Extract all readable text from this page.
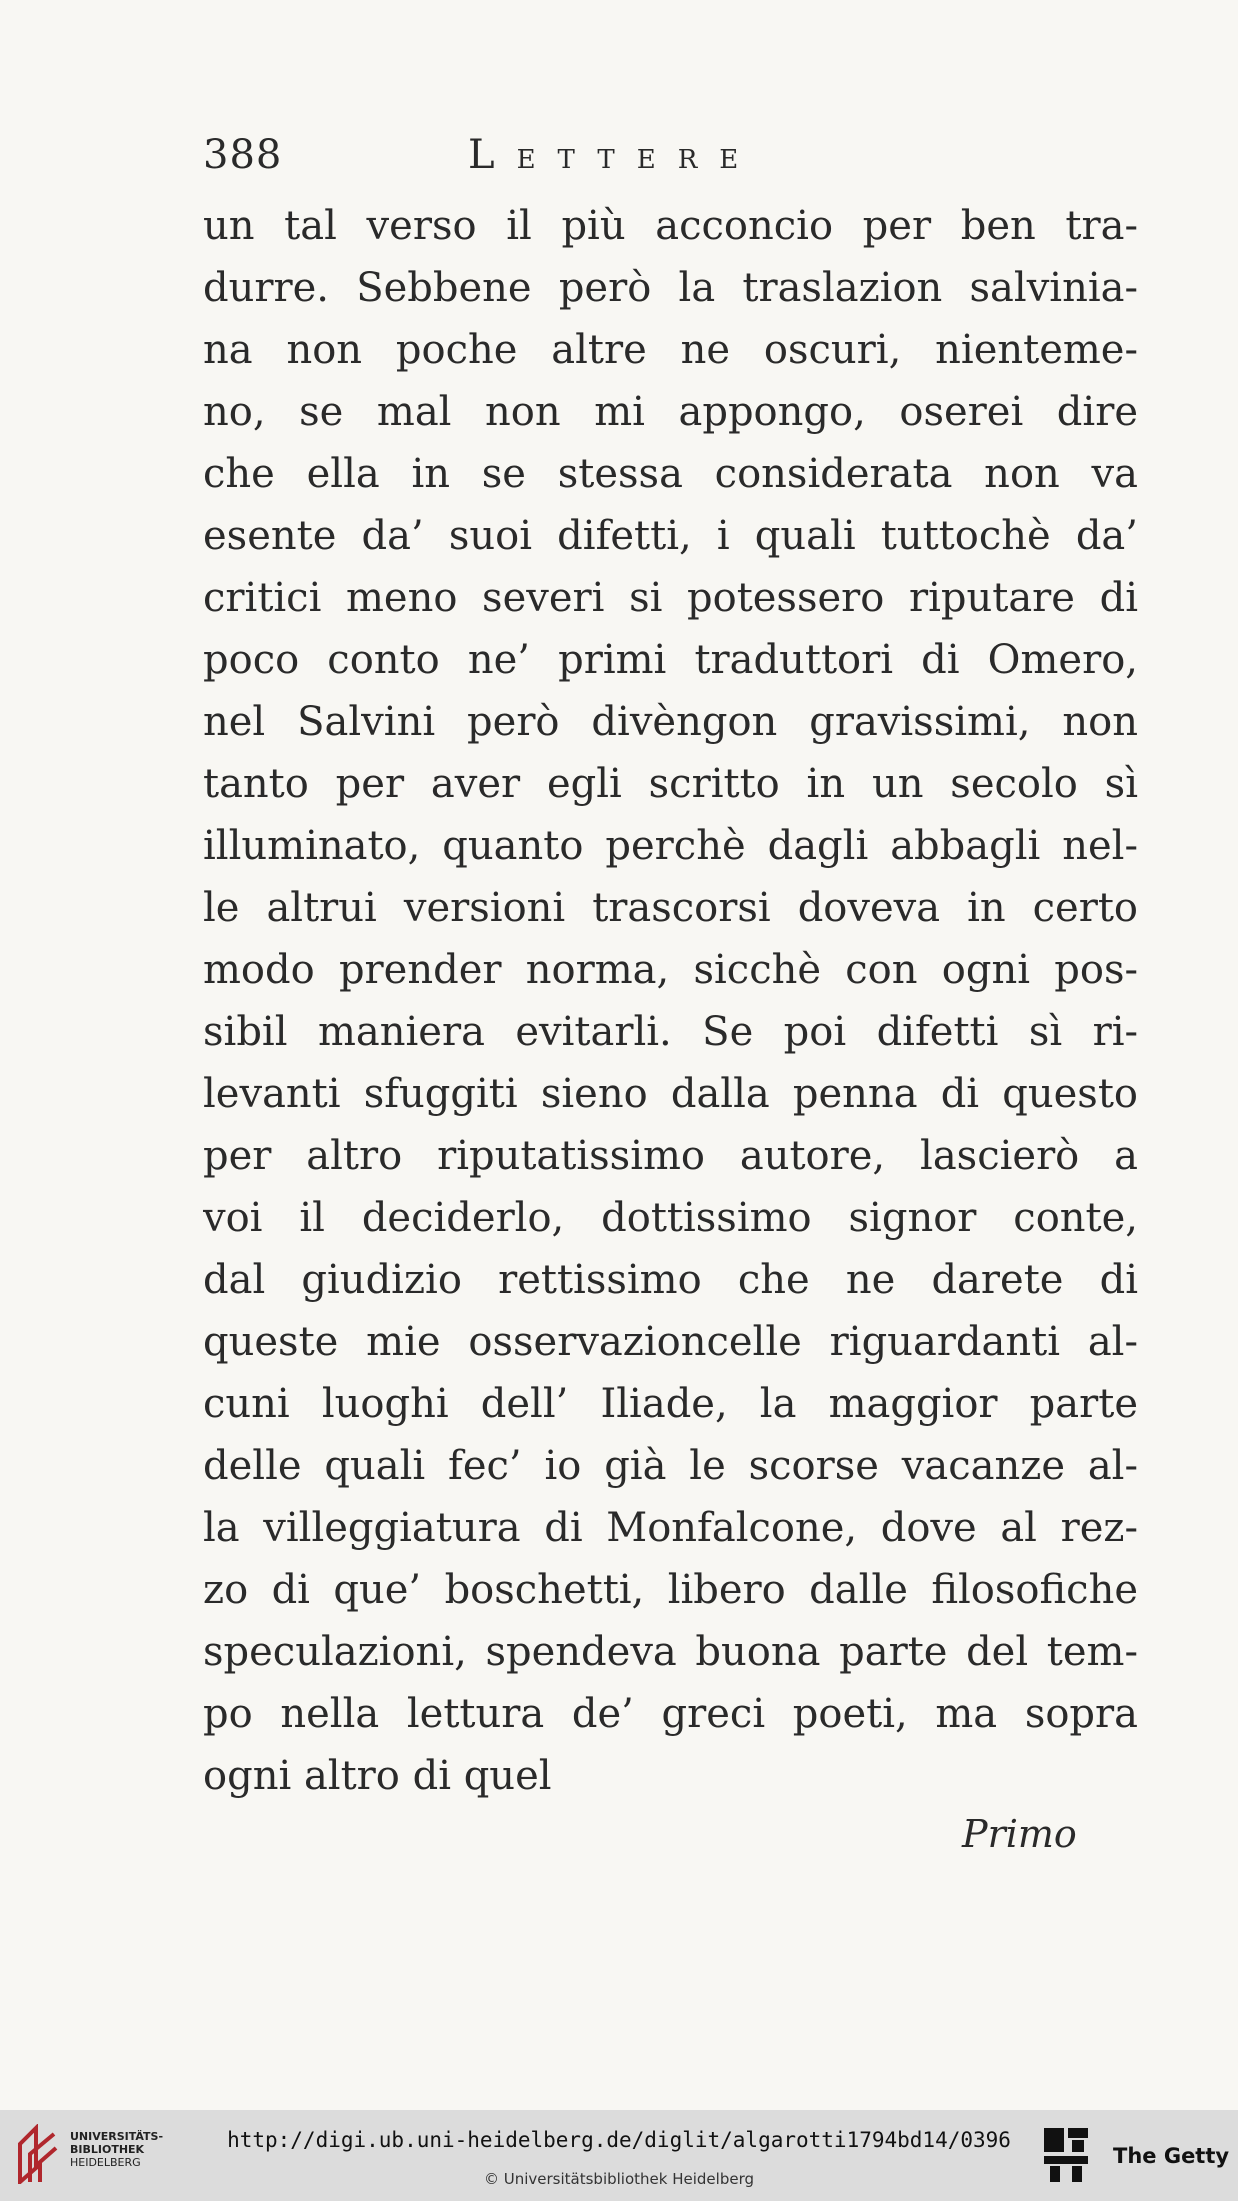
388	LETTERE
un tal verso il più acconcio per ben tra-
durre. Sebbene però la traslazion salvinia-
na non poche altre ne oscuri, nientemе-
no, se mal non mi appongo, oserei dire
che ella in se stessa considerata non va
esente da’ suoi difetti, i quali tuttochè da’
critici meno severi si potessero riputare di
poco conto ne’ primi traduttori di Omero,
nel Salvini però divèngon gravissimi, non
tanto per aver egli scritto in un secolo sì
illuminato, quanto perchè dagli abbagli nel-
le altrui versioni trascorsi doveva in certo
modo prender norma, sicchè con ogni pos-
sibil maniera evitarli. Se poi difetti sì ri-
levanti sfuggiti sieno dalla penna di questo
per altro riputatissimo autore, lascierò a
voi il deciderlo, dottissimo signor conte,
dal giudizio rettissimo che ne darete di
queste mie osservazioncelle riguardanti al-
cuni luoghi dell’ Iliade, la maggior parte
delle quali fec’ io già le scorse vacanze al-
la villeggiatura di Monfalcone, dove al rez-
zo di que’ boschetti, libero dalle filosofiche
speculazioni, spendeva buona parte del tem-
po nella lettura de’ greci poeti, ma sopra
ogni altro di quel
Primo
UNIVERSITÄTS-
BIBLIOTHEK
HEIDELBERG
http://digi.ub.uni-heidelberg.de/diglit/algarotti1794bd14/0396
© Universitätsbibliothek Heidelberg
The Getty
